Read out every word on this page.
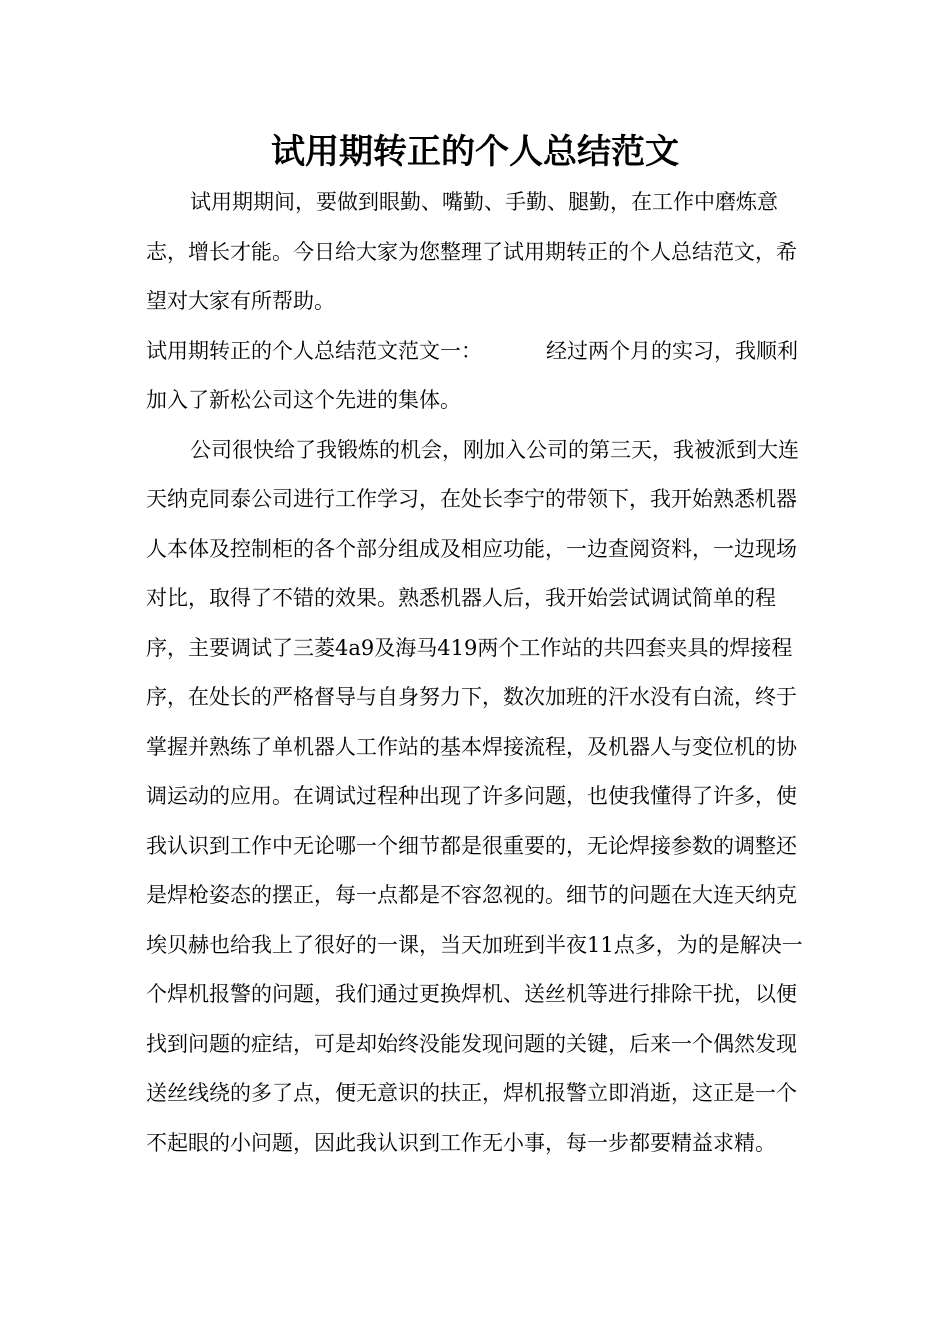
试用期转正的个人总结范文

试用期期间，要做到眼勤、嘴勤、手勤、腿勤，在工作中磨炼意志，增长才能。今日给大家为您整理了试用期转正的个人总结范文，希望对大家有所帮助。

试用期转正的个人总结范文范文一：	经过两个月的实习，我顺利加入了新松公司这个先进的集体。

公司很快给了我锻炼的机会，刚加入公司的第三天，我被派到大连天纳克同泰公司进行工作学习，在处长李宁的带领下，我开始熟悉机器人本体及控制柜的各个部分组成及相应功能，一边查阅资料，一边现场对比，取得了不错的效果。熟悉机器人后，我开始尝试调试简单的程序，主要调试了三菱4a9及海马419两个工作站的共四套夹具的焊接程序，在处长的严格督导与自身努力下，数次加班的汗水没有白流，终于掌握并熟练了单机器人工作站的基本焊接流程，及机器人与变位机的协调运动的应用。在调试过程种出现了许多问题，也使我懂得了许多，使我认识到工作中无论哪一个细节都是很重要的，无论焊接参数的调整还是焊枪姿态的摆正，每一点都是不容忽视的。细节的问题在大连天纳克埃贝赫也给我上了很好的一课，当天加班到半夜11点多，为的是解决一个焊机报警的问题，我们通过更换焊机、送丝机等进行排除干扰，以便找到问题的症结，可是却始终没能发现问题的关键，后来一个偶然发现送丝线绕的多了点，便无意识的扶正，焊机报警立即消逝，这正是一个不起眼的小问题，因此我认识到工作无小事，每一步都要精益求精。
